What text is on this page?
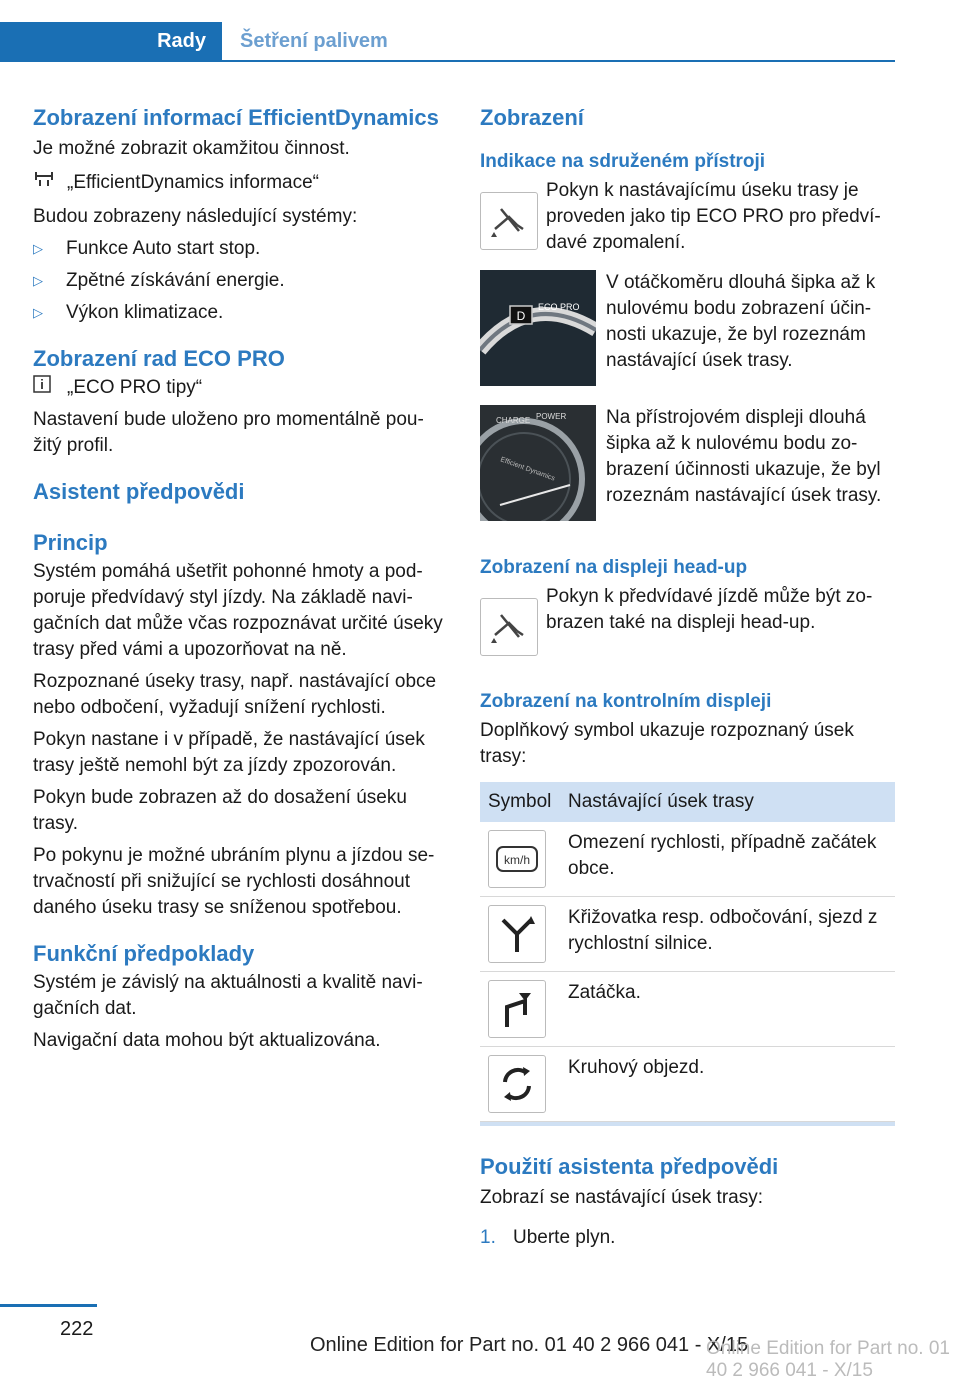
Rady Šetření palivem
Zobrazení informací EfficientDynamics

Je možné zobrazit okamžitou činnost.

„EfficientDynamics informace“

Budou zobrazeny následující systémy:

▷	Funkce Auto start stop.
▷	Zpětné získávání energie.
▷	Výkon klimatizace.
Zobrazení rad ECO PRO
„ECO PRO tipy“

Nastavení bude uloženo pro momentálně pou‐žitý profil.

Asistent předpovědi
Princip

Systém pomáhá ušetřit pohonné hmoty a pod‐poruje předvídavý styl jízdy. Na základě navi‐gačních dat může včas rozpoznávat určité úseky trasy před vámi a upozorňovat na ně.

Rozpoznané úseky trasy, např. nastávající obce nebo odbočení, vyžadují snížení rychlosti.

Pokyn nastane i v případě, že nastávající úsek trasy ještě nemohl být za jízdy zpozorován.

Pokyn bude zobrazen až do dosažení úseku trasy.

Po pokynu je možné ubráním plynu a jízdou se‐trvačností při snižující se rychlosti dosáhnout daného úseku trasy se sníženou spotřebou.

Funkční předpoklady

Systém je závislý na aktuálnosti a kvalitě navi‐gačních dat.

Navigační data mohou být aktualizována.

Zobrazení
Indikace na sdruženém přístroji
Pokyn k nastávajícímu úseku trasy je proveden jako tip ECO PRO pro předví‐davé zpomalení.
D
ECO PRO
V otáčkoměru dlouhá šipka až k nulovému bodu zobrazení účin‐nosti ukazuje, že byl rozeznám nastávající úsek trasy.
CHARGE POWER
Efficient Dynamics
Na přístrojovém displeji dlouhá šipka až k nulovému bodu zo‐brazení účinnosti ukazuje, že byl rozeznám nastávající úsek trasy.
Zobrazení na displeji head-up
Pokyn k předvídavé jízdě může být zo‐brazen také na displeji head-up.
Zobrazení na kontrolním displeji

Doplňkový symbol ukazuje rozpoznaný úsek trasy:

Symbol	Nastávající úsek trasy

km/h	Omezení rychlosti, případně začátek obce.

	Křižovatka resp. odbočování, sjezd z rychlostní silnice.

	Zatáčka.

	Kruhový objezd.
Použití asistenta předpovědi

Zobrazí se nastávající úsek trasy:

1. Uberte plyn.
222
Online Edition for Part no. 01 40 2 966 041 - X/15
Online Edition for Part no. 01 40 2 966 041 - X/15
